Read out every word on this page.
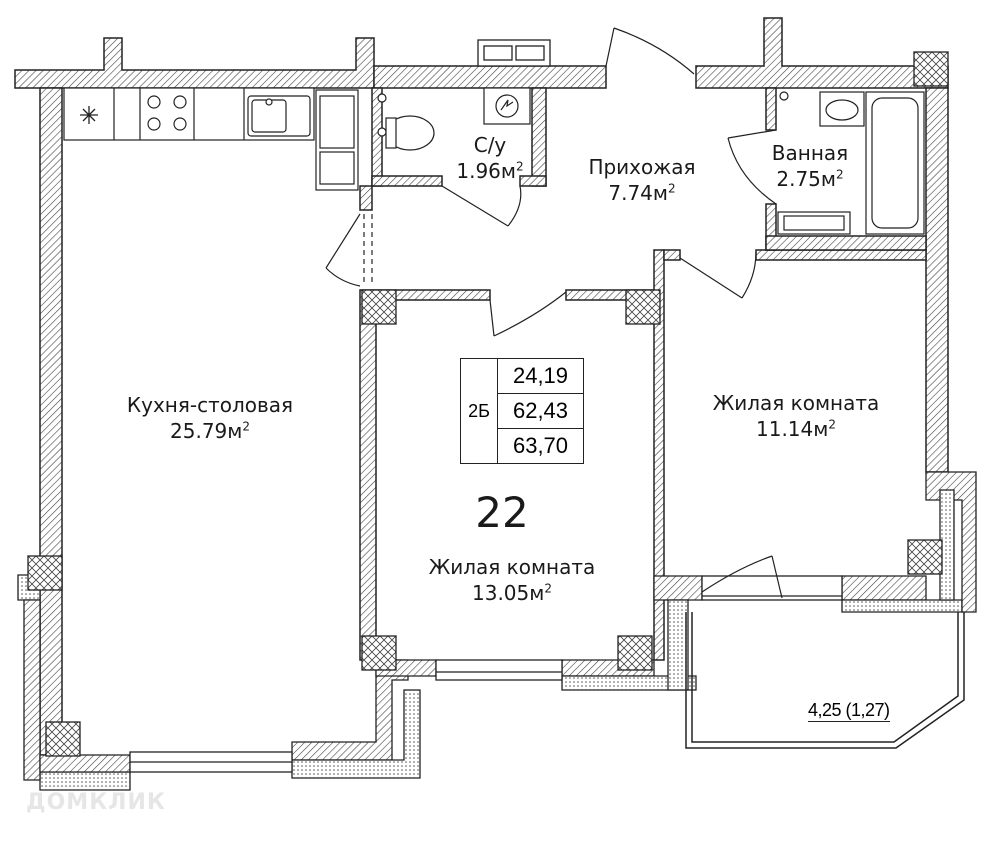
Кухня-столовая
$25.79м^2$
С/у
$1.96м^2$	Прихожая
$7.74м^2$
Ванная
$2.75м^2$
Жилая комната
$11.14м^2$
Жилая комната
$13.05м^2$
2Б
24,19
62,43
63,70
22
4,25 (1,27)
ДОМКЛИК
